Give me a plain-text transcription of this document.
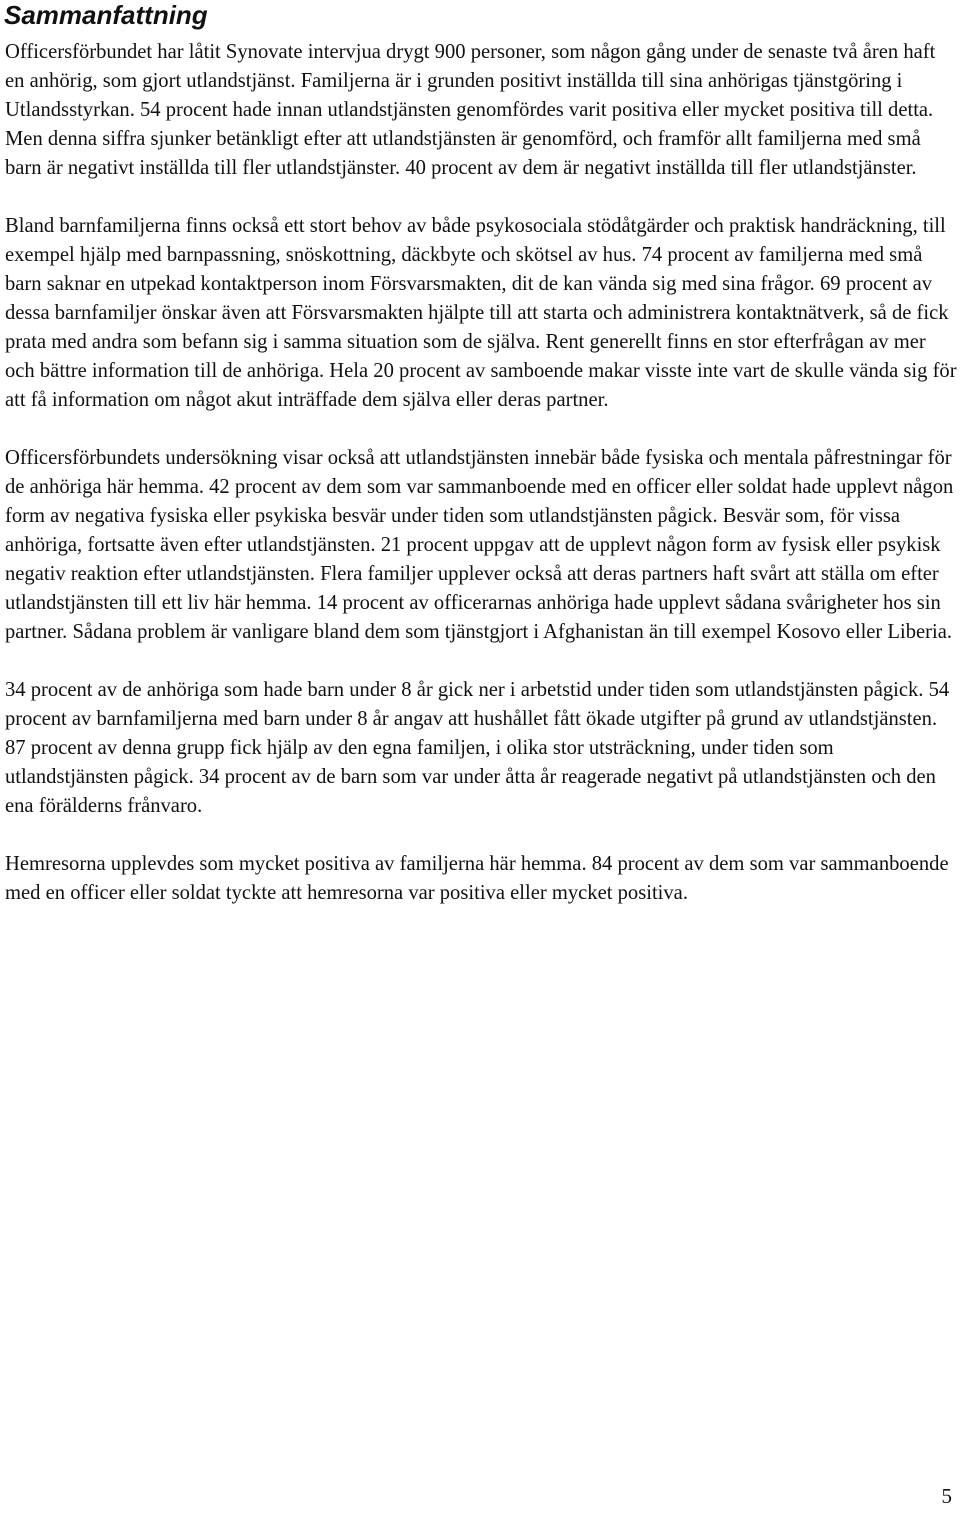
Sammanfattning

Officersförbundet har låtit Synovate intervjua drygt 900 personer, som någon gång under de senaste två åren haft en anhörig, som gjort utlandstjänst. Familjerna är i grunden positivt inställda till sina anhörigas tjänstgöring i Utlandsstyrkan. 54 procent hade innan utlandstjänsten genomfördes varit positiva eller mycket positiva till detta. Men denna siffra sjunker betänkligt efter att utlandstjänsten är genomförd, och framför allt familjerna med små barn är negativt inställda till fler utlandstjänster. 40 procent av dem är negativt inställda till fler utlandstjänster.

Bland barnfamiljerna finns också ett stort behov av både psykosociala stödåtgärder och praktisk handräckning, till exempel hjälp med barnpassning, snöskottning, däckbyte och skötsel av hus. 74 procent av familjerna med små barn saknar en utpekad kontaktperson inom Försvarsmakten, dit de kan vända sig med sina frågor. 69 procent av dessa barnfamiljer önskar även att Försvarsmakten hjälpte till att starta och administrera kontaktnätverk, så de fick prata med andra som befann sig i samma situation som de själva. Rent generellt finns en stor efterfrågan av mer och bättre information till de anhöriga. Hela 20 procent av samboende makar visste inte vart de skulle vända sig för att få information om något akut inträffade dem själva eller deras partner.

Officersförbundets undersökning visar också att utlandstjänsten innebär både fysiska och mentala påfrestningar för de anhöriga här hemma. 42 procent av dem som var sammanboende med en officer eller soldat hade upplevt någon form av negativa fysiska eller psykiska besvär under tiden som utlandstjänsten pågick. Besvär som, för vissa anhöriga, fortsatte även efter utlandstjänsten. 21 procent uppgav att de upplevt någon form av fysisk eller psykisk negativ reaktion efter utlandstjänsten. Flera familjer upplever också att deras partners haft svårt att ställa om efter utlandstjänsten till ett liv här hemma. 14 procent av officerarnas anhöriga hade upplevt sådana svårigheter hos sin partner. Sådana problem är vanligare bland dem som tjänstgjort i Afghanistan än till exempel Kosovo eller Liberia.

34 procent av de anhöriga som hade barn under 8 år gick ner i arbetstid under tiden som utlandstjänsten pågick. 54 procent av barnfamiljerna med barn under 8 år angav att hushållet fått ökade utgifter på grund av utlandstjänsten. 87 procent av denna grupp fick hjälp av den egna familjen, i olika stor utsträckning, under tiden som utlandstjänsten pågick. 34 procent av de barn som var under åtta år reagerade negativt på utlandstjänsten och den ena förälderns frånvaro.

Hemresorna upplevdes som mycket positiva av familjerna här hemma. 84 procent av dem som var sammanboende med en officer eller soldat tyckte att hemresorna var positiva eller mycket positiva.

5
